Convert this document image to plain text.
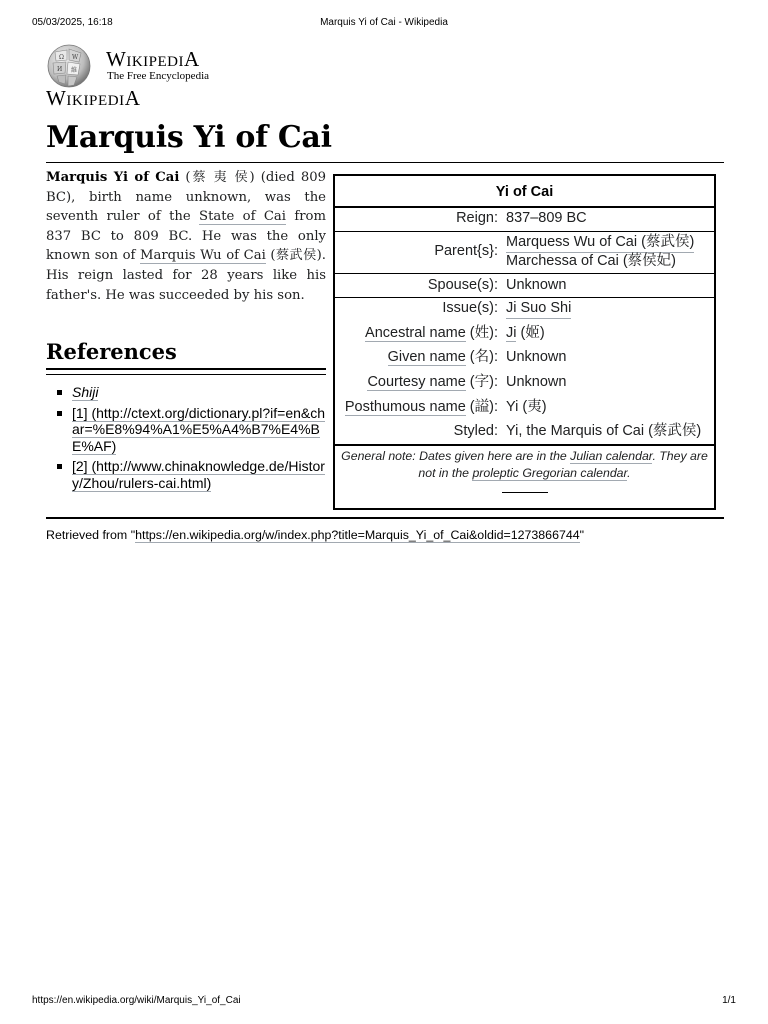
05/03/2025, 16:18	Marquis Yi of Cai - Wikipedia
Ω W
И 維 WIKIPEDIA
The Free Encyclopedia
WIKIPEDIA
Marquis Yi of Cai

Marquis Yi of Cai (蔡 夷 侯) (died 809 BC), birth name unknown, was the seventh ruler of the State of Cai from 837 BC to 809 BC. He was the only known son of Marquis Wu of Cai (蔡武侯). His reign lasted for 28 years like his father's. He was succeeded by his son.

References
Shiji
[1] (http://ctext.org/dictionary.pl?if=en&char=%E8%94%A1%E5%A4%B7%E4%BE%AF)
[2] (http://www.chinaknowledge.de/History/Zhou/rulers-cai.html)
Yi of Cai
Reign: 837–809 BC
Parent{s}:
Marquess Wu of Cai (蔡武侯)
Marchessa of Cai (蔡侯妃)
Spouse(s): Unknown
Issue(s): Ji Suo Shi
Ancestral name (姓): Ji (姬)
Given name (名): Unknown
Courtesy name (字): Unknown
Posthumous name (謚): Yi (夷)
Styled: Yi, the Marquis of Cai (蔡武侯)
General note: Dates given here are in the Julian calendar. They are not in the proleptic Gregorian calendar.

Retrieved from "https://en.wikipedia.org/w/index.php?title=Marquis_Yi_of_Cai&oldid=1273866744"
https://en.wikipedia.org/wiki/Marquis_Yi_of_Cai	1/1
